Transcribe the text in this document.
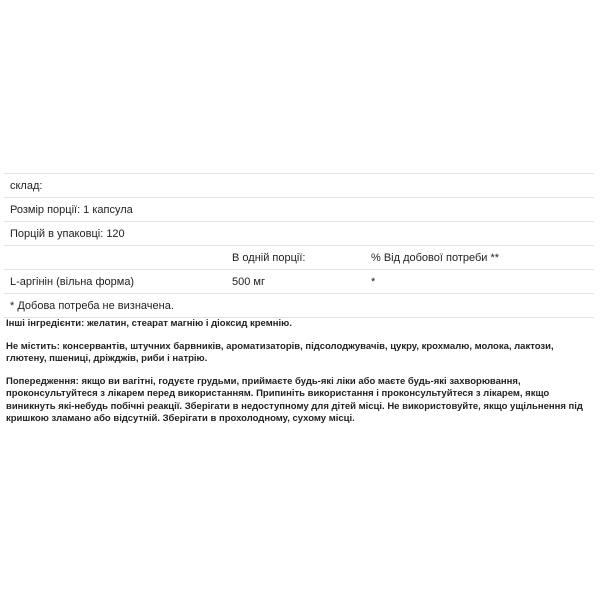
склад:		
Розмір порції: 1 капсула		
Порцій в упаковці: 120		
	В одній порції:	% Від добової потреби **
L-аргінін (вільна форма)	500 мг	*
* Добова потреба не визначена.		

Інші інгредієнти: желатин, стеарат магнію і діоксид кремнію.

Не містить: консервантів, штучних барвників, ароматизаторів, підсолоджувачів, цукру, крохмалю, молока, лактози, глютену, пшениці, дріжджів, риби і натрію.

Попередження: якщо ви вагітні, годуєте грудьми, приймаєте будь-які ліки або маєте будь-які захворювання, проконсультуйтеся з лікарем перед використанням. Припиніть використання і проконсультуйтеся з лікарем, якщо виникнуть які-небудь побічні реакції. Зберігати в недоступному для дітей місці. Не використовуйте, якщо ущільнення під кришкою зламано або відсутній. Зберігати в прохолодному, сухому місці.
